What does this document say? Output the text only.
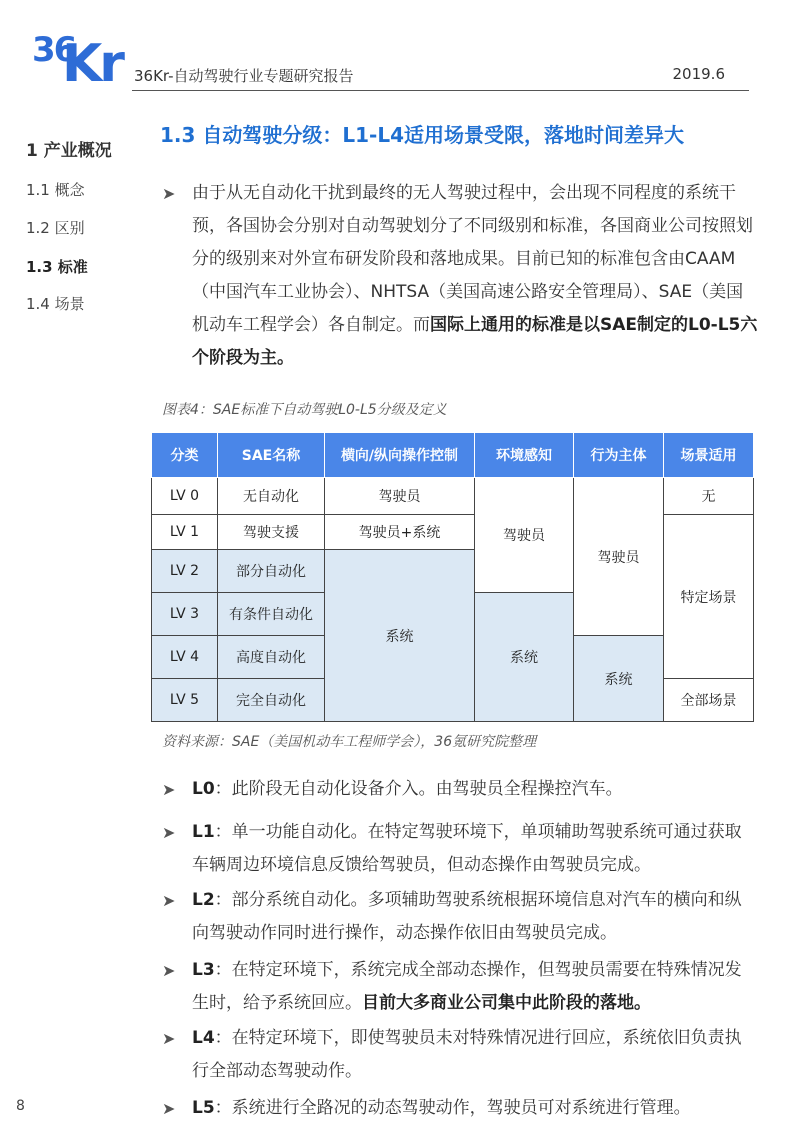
36
Kr 36Kr-自动驾驶行业专题研究报告	2019.6
1 产业概况
1.1 概念
1.2 区别
1.3 标准
1.4 场景
1.3 自动驾驶分级：L1-L4适用场景受限，落地时间差异大
➤ 由于从无自动化干扰到最终的无人驾驶过程中，会出现不同程度的系统干预，各国协会分别对自动驾驶划分了不同级别和标准，各国商业公司按照划分的级别来对外宣布研发阶段和落地成果。目前已知的标准包含由CAAM（中国汽车工业协会）、NHTSA（美国高速公路安全管理局）、SAE（美国机动车工程学会）各自制定。而国际上通用的标准是以SAE制定的L0-L5六个阶段为主。
图表4：SAE标准下自动驾驶L0-L5分级及定义
分类	SAE名称	横向/纵向操作控制	环境感知	行为主体	场景适用
LV 0	无自动化	驾驶员	驾驶员	驾驶员	无
LV 1	驾驶支援	驾驶员+系统			特定场景
LV 2	部分自动化	系统			
LV 3	有条件自动化		系统		
LV 4	高度自动化			系统	
LV 5	完全自动化				全部场景
资料来源：SAE（美国机动车工程师学会），36氪研究院整理
➤ L0：此阶段无自动化设备介入。由驾驶员全程操控汽车。
➤ L1：单一功能自动化。在特定驾驶环境下，单项辅助驾驶系统可通过获取车辆周边环境信息反馈给驾驶员，但动态操作由驾驶员完成。
➤ L2：部分系统自动化。多项辅助驾驶系统根据环境信息对汽车的横向和纵向驾驶动作同时进行操作，动态操作依旧由驾驶员完成。
➤ L3：在特定环境下，系统完成全部动态操作，但驾驶员需要在特殊情况发生时，给予系统回应。目前大多商业公司集中此阶段的落地。
➤ L4：在特定环境下，即使驾驶员未对特殊情况进行回应，系统依旧负责执行全部动态驾驶动作。
➤ L5：系统进行全路况的动态驾驶动作，驾驶员可对系统进行管理。
8
